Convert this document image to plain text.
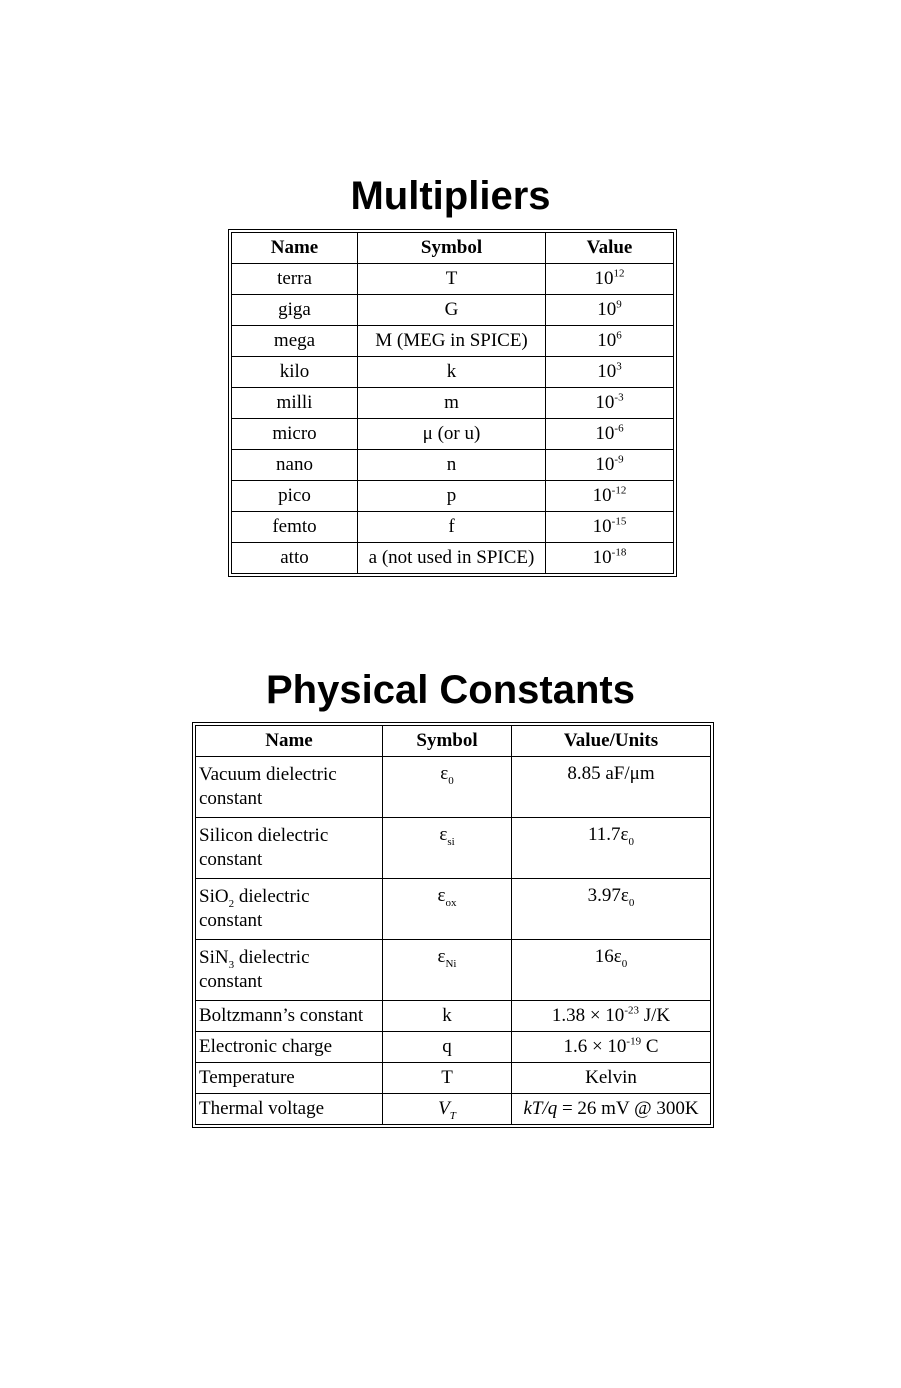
Multipliers
Name	Symbol	Value
terra	T	$10^{12}$
giga	G	$10^9$
mega	M (MEG in SPICE)	$10^6$
kilo	k	$10^3$
milli	m	$10^{-3}$
micro	μ (or u)	$10^{-6}$
nano	n	$10^{-9}$
pico	p	$10^{-12}$
femto	f	$10^{-15}$
atto	a (not used in SPICE)	$10^{-18}$
Physical Constants
Name	Symbol	Value/Units
Vacuum dielectric
constant	$\varepsilon_0$	8.85 aF/μm
Silicon dielectric
constant	$\varepsilon_{si}$	$11.7\varepsilon_0$
SiO$_2$ dielectric
constant	$\varepsilon_{ox}$	$3.97\varepsilon_0$
SiN$_3$ dielectric
constant	$\varepsilon_{Ni}$	$16\varepsilon_0$
Boltzmann’s constant	k	$1.38 \times 10^{-23}$ J/K
Electronic charge	q	$1.6 \times 10^{-19}$ C
Temperature	T	Kelvin
Thermal voltage	$V_T$	kT/q = 26 mV @ 300K
